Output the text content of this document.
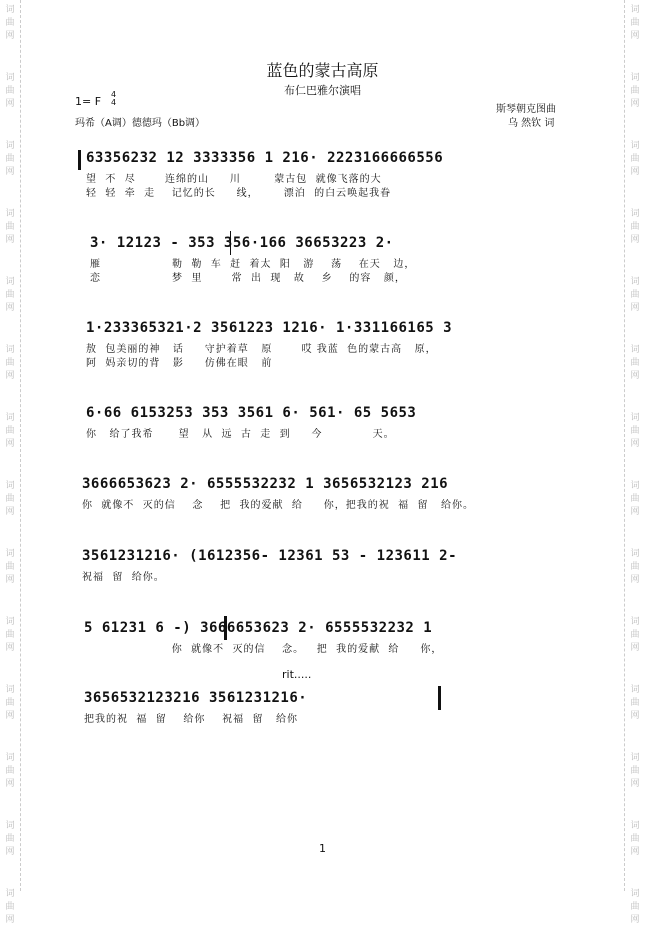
词
曲
网
词
曲
网
词
曲
网
词
曲
网
词
曲
网
词
曲
网
词
曲
网
词
曲
网
词
曲
网
词
曲
网
词
曲
网
词
曲
网
词
曲
网
词
曲
网
词
曲
网
词
曲
网
词
曲
网
词
曲
网
词
曲
网
词
曲
网
词
曲
网
词
曲
网
词
曲
网
词
曲
网
词
曲
网
词
曲
网
词
曲
网
词
曲
网
蓝色的蒙古高原
布仁巴雅尔演唱
1= F
4
4
斯琴朝克图曲
乌 然钦 词
玛希（A调）德德玛（Bb调）
63356232 12 3333356 1 216· 2223166666556
望  不  尽       连绵的山     川        蒙古包  就像飞落的大
轻  轻  牵  走    记忆的长     线，      漂泊  的白云唤起我眷
3· 12123 - 353 356·166 36653223 2·
雁                 勒  勒  车  赶  着太  阳   游    荡    在天   边，
恋                 梦  里       常  出  现   故    乡    的容   颜，
1·233365321·2 3561223 1216· 1·331166165 3
敖  包美丽的神   话     守护着草   原       哎 我蓝  色的蒙古高   原，
阿  妈亲切的背   影     仿佛在眼   前
6·66 6153253 353 3561 6· 561· 65 5653
你   给了我希      望   从  远  古  走  到     今            天。
3666653623 2· 6555532232 1 3656532123 216
你  就像不  灭的信    念    把  我的爱献  给     你，把我的祝  福  留   给你。
3561231216· (1612356- 12361 53 - 123611 2-
祝福  留  给你。
5 61231 6 -) 3666653623 2· 6555532232 1
你  就像不  灭的信    念。   把  我的爱献  给     你，
rit.....
3656532123216 3561231216·
把我的祝  福  留    给你    祝福  留   给你
1
